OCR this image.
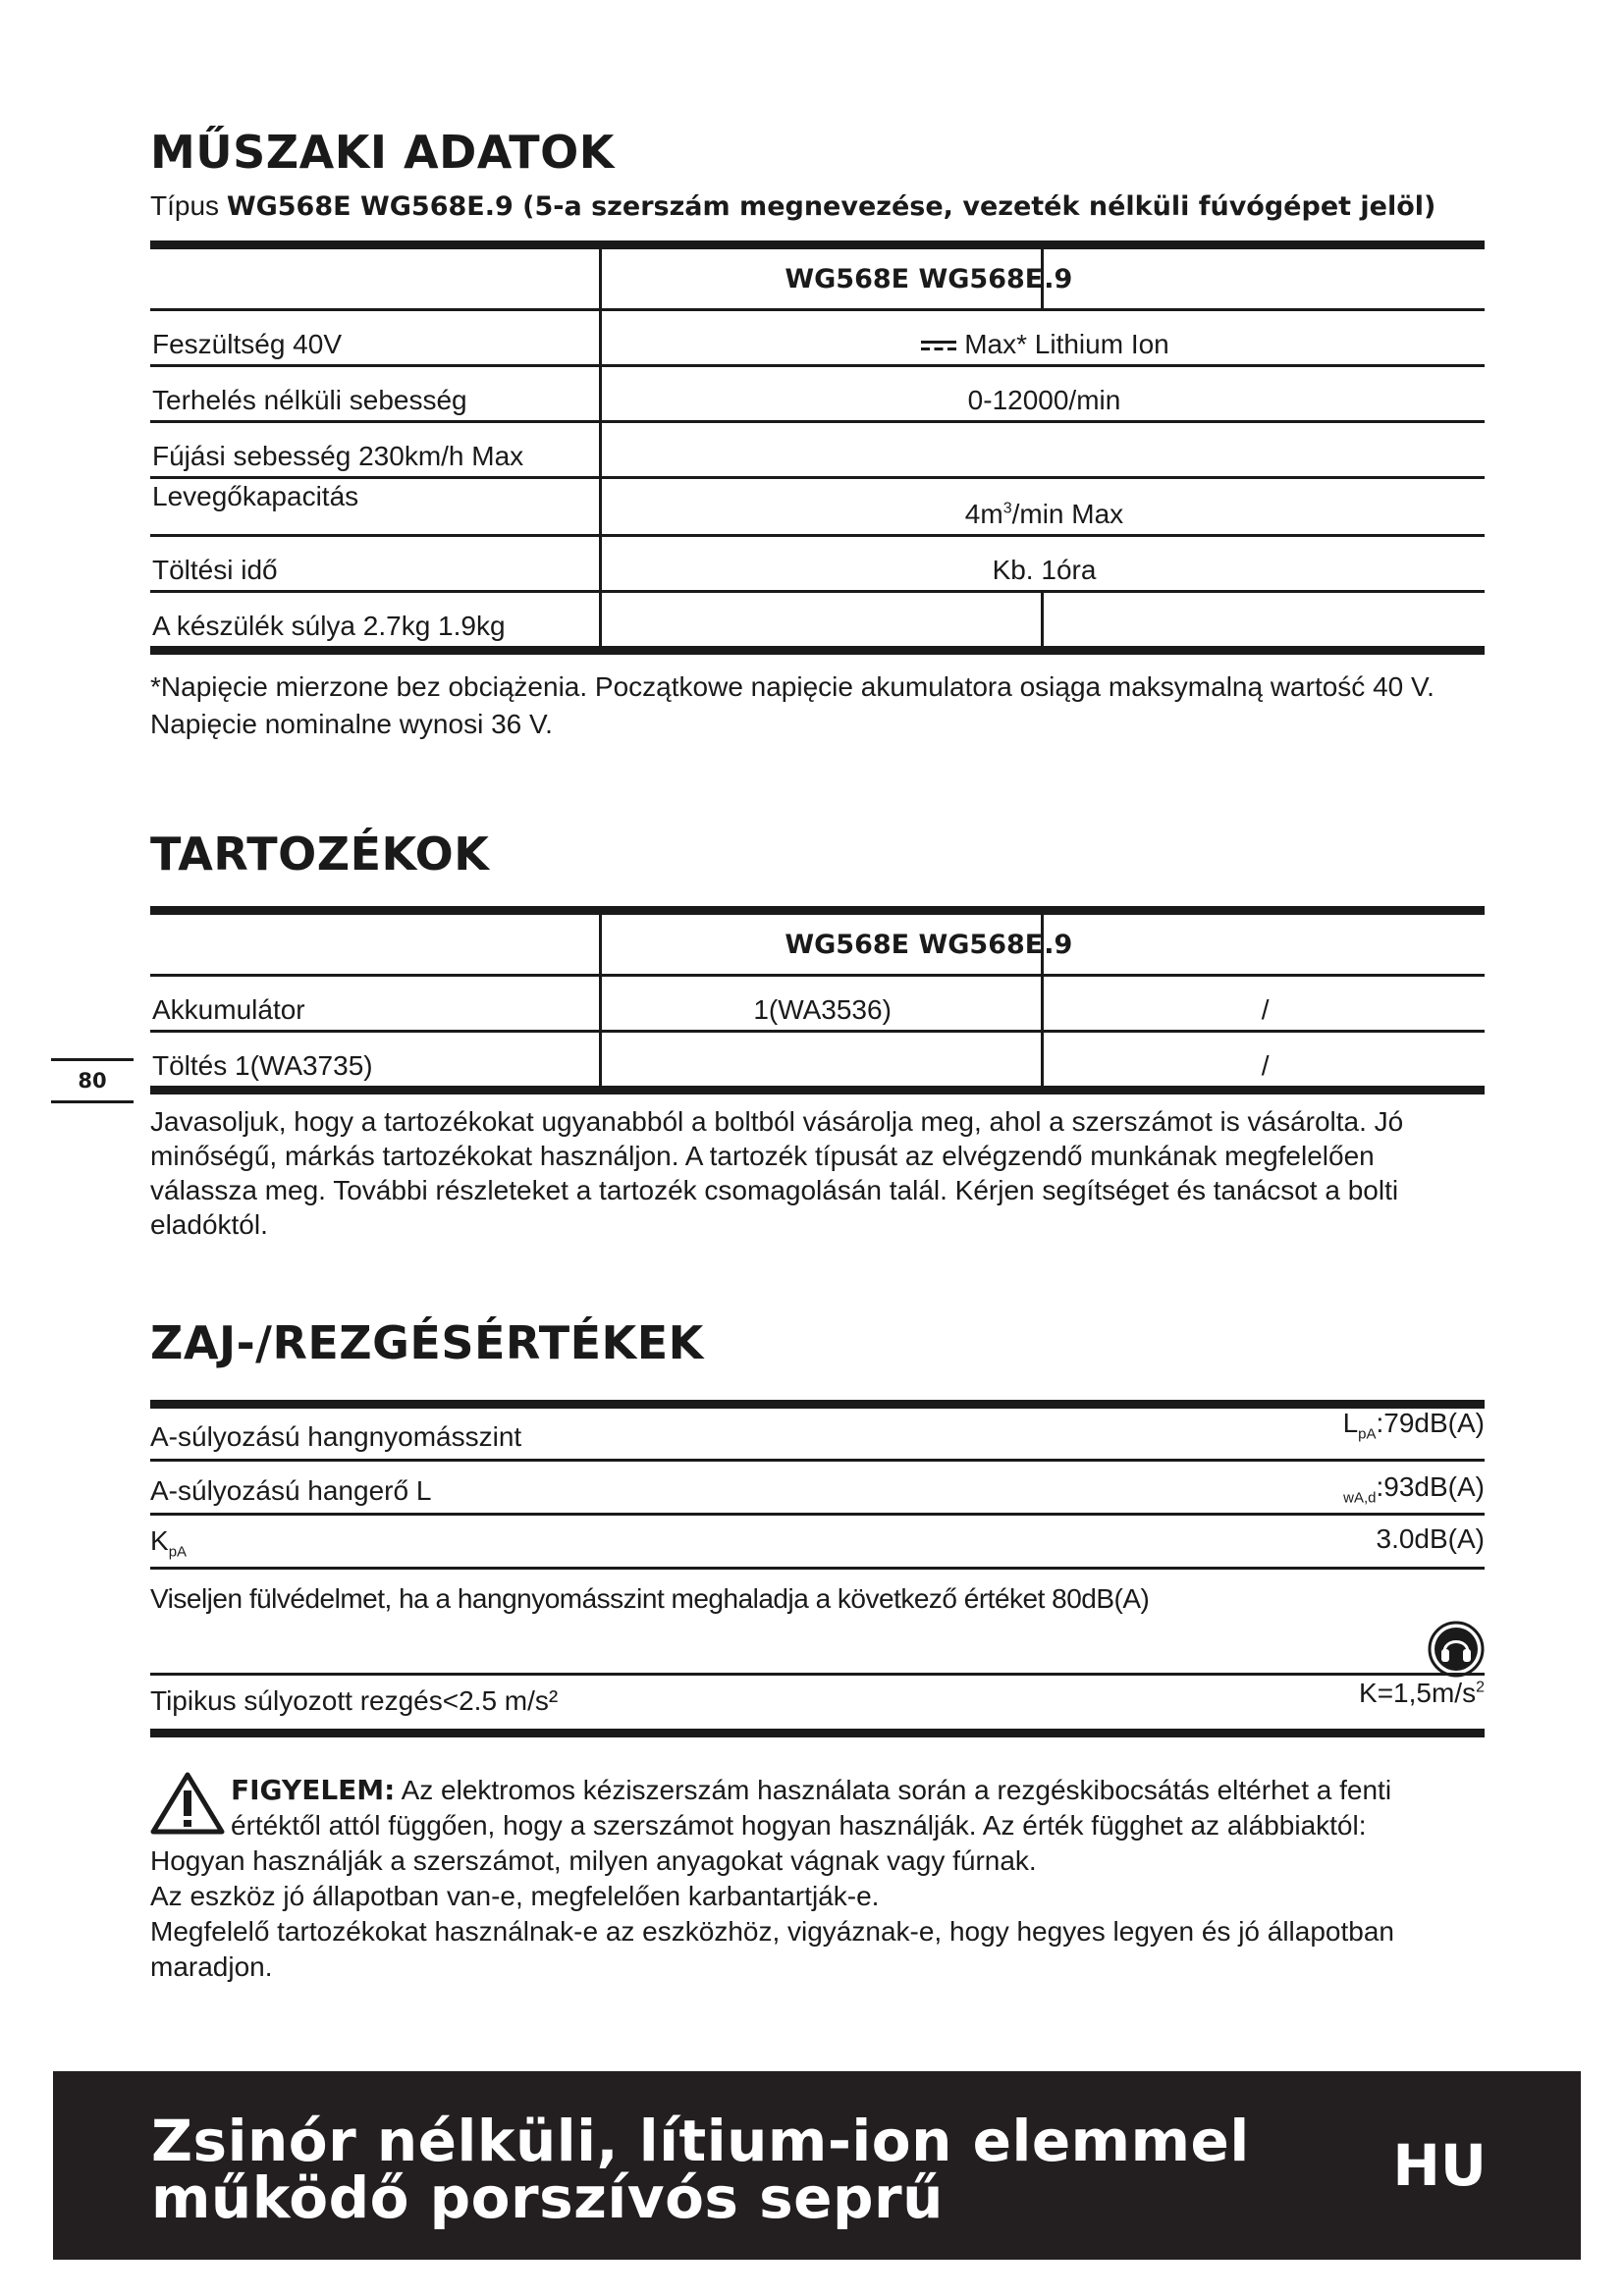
MŰSZAKI ADATOK
Típus WG568E WG568E.9 (5-a szerszám megnevezése, vezeték nélküli fúvógépet jelöl)
	WG568E WG568E	.9
Feszültség 40V	Max* Lithium Ion	
Terhelés nélküli sebesség	0-12000/min	
Fújási sebesség 230km/h Max		
Levegőkapacitás	$4m^3/\min$ Max	
Töltési idő	Kb. 1óra	
A készülék súlya 2.7kg 1.9kg		
*Napięcie mierzone bez obciążenia. Początkowe napięcie akumulatora osiąga maksymalną wartość 40 V. Napięcie nominalne wynosi 36 V.
TARTOZÉKOK
	WG568E WG568E	.9
Akkumulátor	1(WA3536)	/
Töltés 1(WA3735)		/
Javasoljuk, hogy a tartozékokat ugyanabból a boltból vásárolja meg, ahol a szerszámot is vásárolta. Jó minőségű, márkás tartozékokat használjon. A tartozék típusát az elvégzendő munkának megfelelően válassza meg. További részleteket a tartozék csomagolásán talál. Kérjen segítséget és tanácsot a bolti eladóktól.
ZAJ-/REZGÉSÉRTÉKEK
A-súlyozású hangnyomásszint	$L_{pA}:79dB(A)$
A-súlyozású hangerő L	$_{wA,d}$:93dB(A)
$K_{pA}$	3.0dB(A)
Viseljen fülvédelmet, ha a hangnyomásszint meghaladja a következő értéket 80dB(A)
Tipikus súlyozott rezgés<2.5 m/s²	$K=1,5m/s^2$
FIGYELEM: Az elektromos kéziszerszám használata során a rezgéskibocsátás eltérhet a fenti értéktől attól függően, hogy a szerszámot hogyan használják. Az érték függhet az alábbiaktól:
Hogyan használják a szerszámot, milyen anyagokat vágnak vagy fúrnak.
Az eszköz jó állapotban van-e, megfelelően karbantartják-e.
Megfelelő tartozékokat használnak-e az eszközhöz, vigyáznak-e, hogy hegyes legyen és jó állapotban maradjon.
80
Zsinór nélküli, lítium-ion elemmel
működő porszívós seprű	HU
